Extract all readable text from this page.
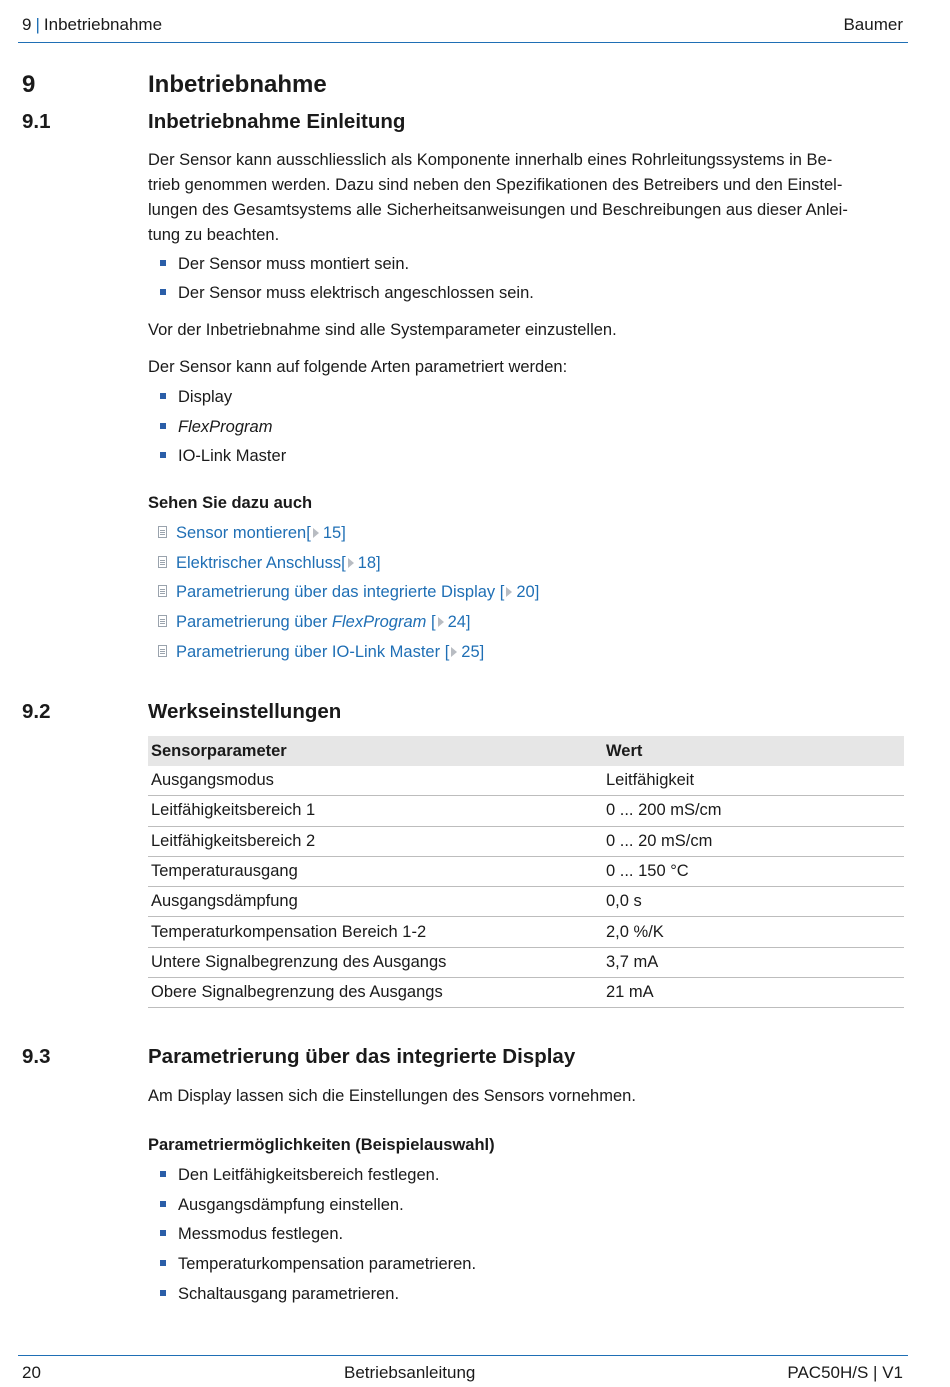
9 | Inbetriebnahme	Baumer
9	Inbetriebnahme
9.1	Inbetriebnahme Einleitung
Der Sensor kann ausschliesslich als Komponente innerhalb eines Rohrleitungssystems in Be-
trieb genommen werden. Dazu sind neben den Spezifikationen des Betreibers und den Einstel-
lungen des Gesamtsystems alle Sicherheitsanweisungen und Beschreibungen aus dieser Anlei-
tung zu beachten.
Der Sensor muss montiert sein.
Der Sensor muss elektrisch angeschlossen sein.
Vor der Inbetriebnahme sind alle Systemparameter einzustellen.
Der Sensor kann auf folgende Arten parametriert werden:
Display
FlexProgram
IO-Link Master
Sehen Sie dazu auch
Sensor montieren[ 15]
Elektrischer Anschluss[ 18]
Parametrierung über das integrierte Display [ 20]
Parametrierung über FlexProgram [ 24]
Parametrierung über IO-Link Master [ 25]
9.2	Werkseinstellungen
Sensorparameter	Wert
Ausgangsmodus	Leitfähigkeit
Leitfähigkeitsbereich 1	0 ... 200 mS/cm
Leitfähigkeitsbereich 2	0 ... 20 mS/cm
Temperaturausgang	0 ... 150 °C
Ausgangsdämpfung	0,0 s
Temperaturkompensation Bereich 1-2	2,0 %/K
Untere Signalbegrenzung des Ausgangs	3,7 mA
Obere Signalbegrenzung des Ausgangs	21 mA
9.3	Parametrierung über das integrierte Display
Am Display lassen sich die Einstellungen des Sensors vornehmen.
Parametriermöglichkeiten (Beispielauswahl)
Den Leitfähigkeitsbereich festlegen.
Ausgangsdämpfung einstellen.
Messmodus festlegen.
Temperaturkompensation parametrieren.
Schaltausgang parametrieren.
20	Betriebsanleitung	PAC50H/S | V1
